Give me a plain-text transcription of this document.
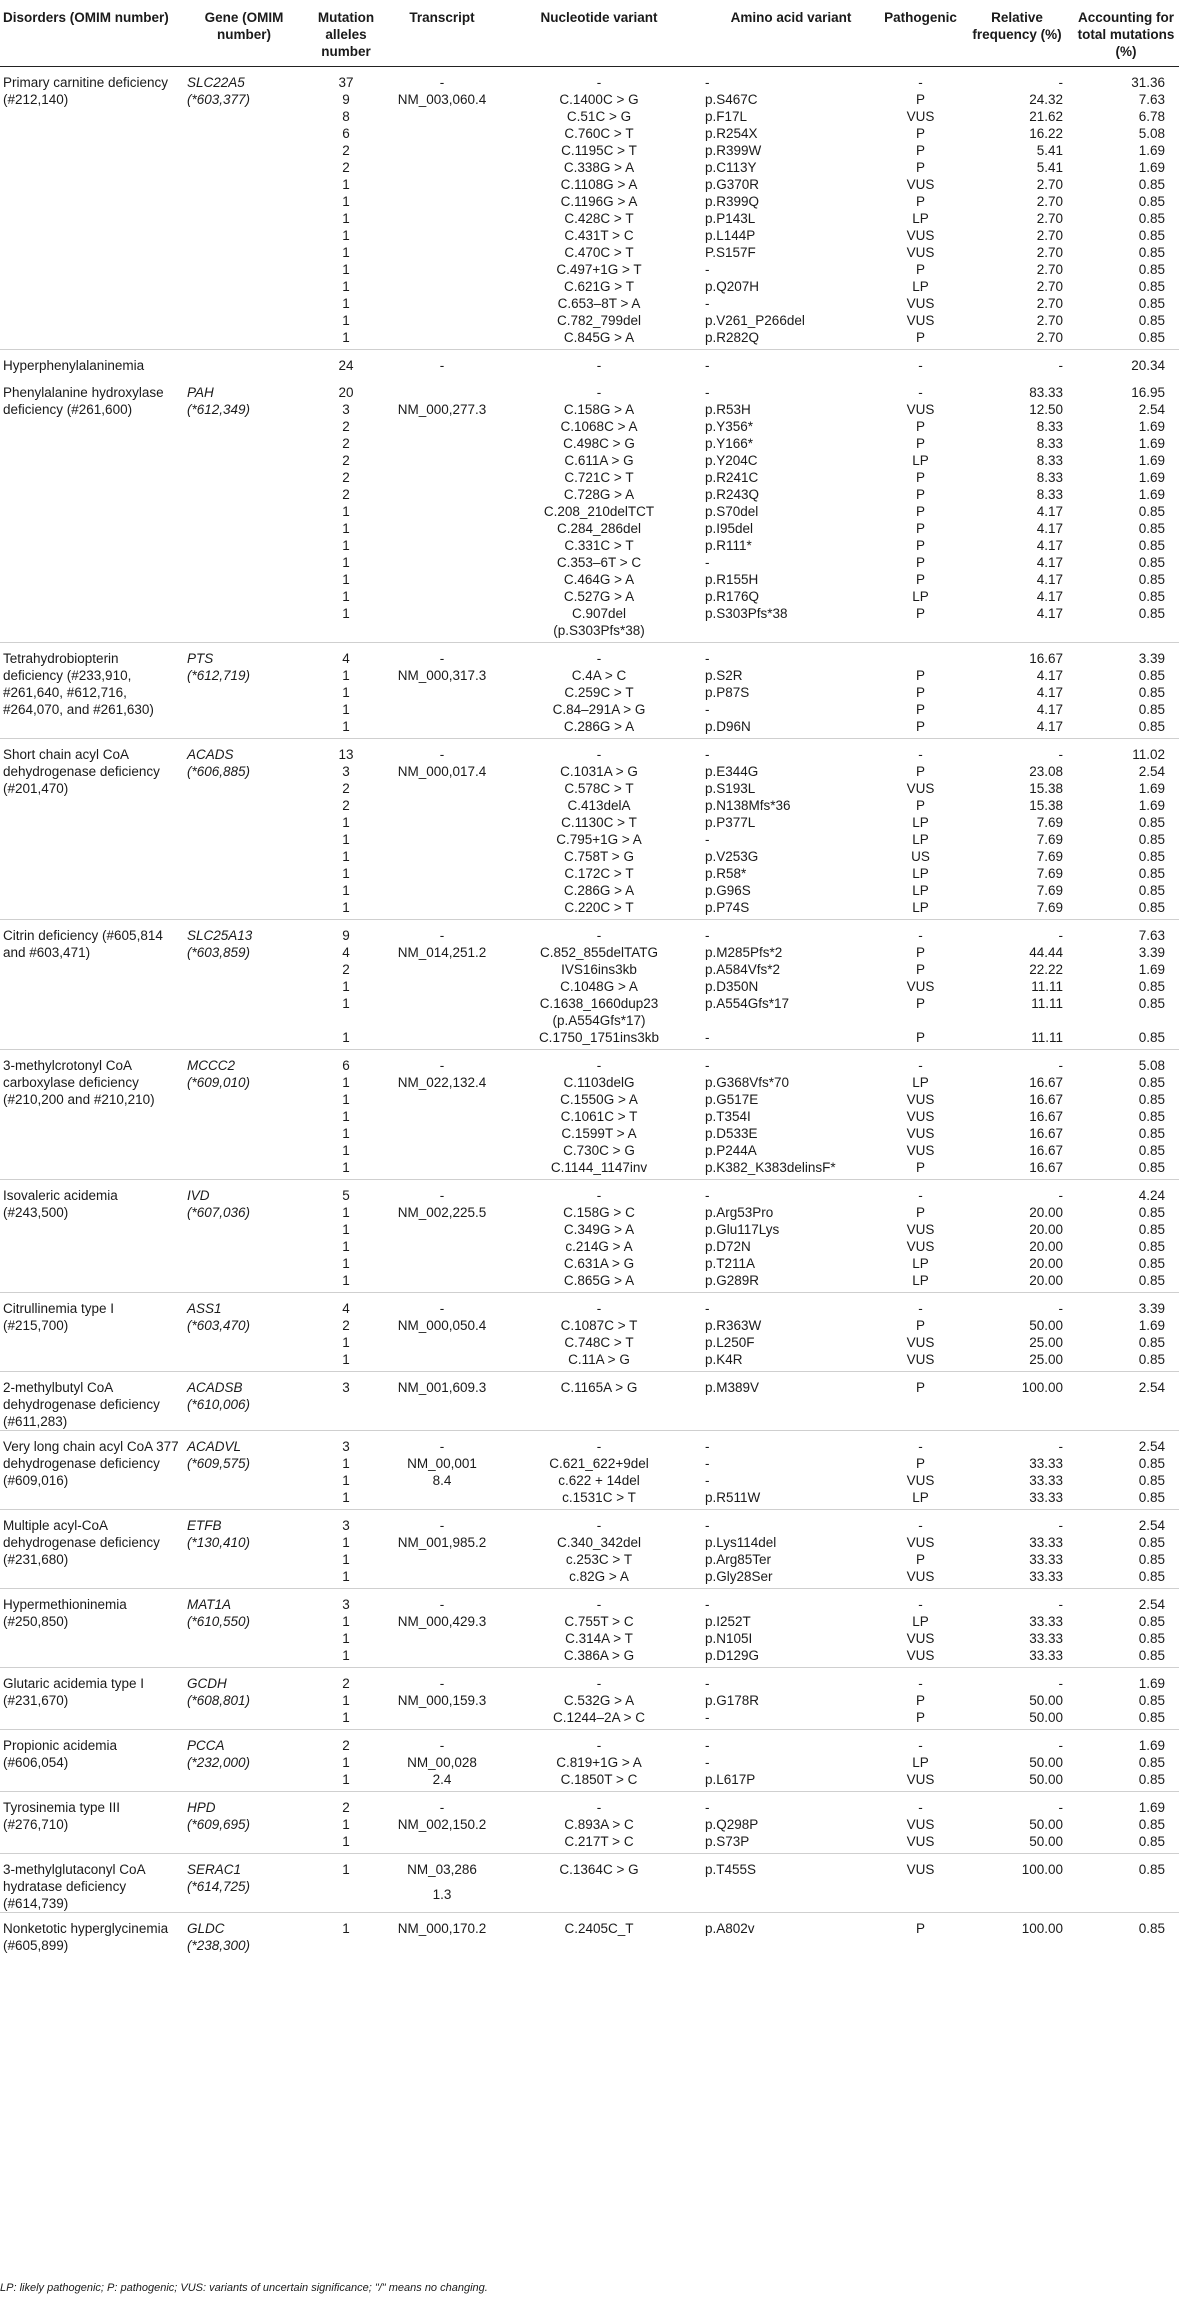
Disorders (OMIM number)	Gene (OMIM number)	Mutation alleles number	Transcript	Nucleotide variant	Amino acid variant	Pathogenic	Relative frequency (%)	Accounting for total mutations (%)
Primary carnitine deficiency (#212,140)	SLC22A5
(*603,377)	37	-	-	-	-	-	31.36
		9	NM_003,060.4	C.1400C > G	p.S467C	P	24.32	7.63
		8		C.51C > G	p.F17L	VUS	21.62	6.78
		6		C.760C > T	p.R254X	P	16.22	5.08
		2		C.1195C > T	p.R399W	P	5.41	1.69
		2		C.338G > A	p.C113Y	P	5.41	1.69
		1		C.1108G > A	p.G370R	VUS	2.70	0.85
		1		C.1196G > A	p.R399Q	P	2.70	0.85
		1		C.428C > T	p.P143L	LP	2.70	0.85
		1		C.431T > C	p.L144P	VUS	2.70	0.85
		1		C.470C > T	P.S157F	VUS	2.70	0.85
		1		C.497+1G > T	-	P	2.70	0.85
		1		C.621G > T	p.Q207H	LP	2.70	0.85
		1		C.653–8T > A	-	VUS	2.70	0.85
		1		C.782_799del	p.V261_P266del	VUS	2.70	0.85
		1		C.845G > A	p.R282Q	P	2.70	0.85
Hyperphenylalaninemia		24	-	-	-	-	-	20.34
Phenylalanine hydroxylase deficiency (#261,600)	PAH
(*612,349)	20		-	-	-	83.33	16.95
		3	NM_000,277.3	C.158G > A	p.R53H	VUS	12.50	2.54
		2		C.1068C > A	p.Y356*	P	8.33	1.69
		2		C.498C > G	p.Y166*	P	8.33	1.69
		2		C.611A > G	p.Y204C	LP	8.33	1.69
		2		C.721C > T	p.R241C	P	8.33	1.69
		2		C.728G > A	p.R243Q	P	8.33	1.69
		1		C.208_210delTCT	p.S70del	P	4.17	0.85
		1		C.284_286del	p.I95del	P	4.17	0.85
		1		C.331C > T	p.R111*	P	4.17	0.85
		1		C.353–6T > C	-	P	4.17	0.85
		1		C.464G > A	p.R155H	P	4.17	0.85
		1		C.527G > A	p.R176Q	LP	4.17	0.85
		1		C.907del	p.S303Pfs*38	P	4.17	0.85
				(p.S303Pfs*38)				
Tetrahydrobiopterin deficiency (#233,910, #261,640, #612,716, #264,070, and #261,630)	PTS
(*612,719)	4	-	-	-		16.67	3.39
		1	NM_000,317.3	C.4A > C	p.S2R	P	4.17	0.85
		1		C.259C > T	p.P87S	P	4.17	0.85
		1		C.84–291A > G	-	P	4.17	0.85
		1		C.286G > A	p.D96N	P	4.17	0.85
Short chain acyl CoA dehydrogenase deficiency (#201,470)	ACADS
(*606,885)	13	-	-	-	-	-	11.02
		3	NM_000,017.4	C.1031A > G	p.E344G	P	23.08	2.54
		2		C.578C > T	p.S193L	VUS	15.38	1.69
		2		C.413delA	p.N138Mfs*36	P	15.38	1.69
		1		C.1130C > T	p.P377L	LP	7.69	0.85
		1		C.795+1G > A	-	LP	7.69	0.85
		1		C.758T > G	p.V253G	US	7.69	0.85
		1		C.172C > T	p.R58*	LP	7.69	0.85
		1		C.286G > A	p.G96S	LP	7.69	0.85
		1		C.220C > T	p.P74S	LP	7.69	0.85
Citrin deficiency (#605,814 and #603,471)	SLC25A13
(*603,859)	9	-	-	-	-	-	7.63
		4	NM_014,251.2	C.852_855delTATG	p.M285Pfs*2	P	44.44	3.39
		2		IVS16ins3kb	p.A584Vfs*2	P	22.22	1.69
		1		C.1048G > A	p.D350N	VUS	11.11	0.85
		1		C.1638_1660dup23	p.A554Gfs*17	P	11.11	0.85
				(p.A554Gfs*17)				
		1		C.1750_1751ins3kb	-	P	11.11	0.85
3-methylcrotonyl CoA carboxylase deficiency (#210,200 and #210,210)	MCCC2
(*609,010)	6	-	-	-	-	-	5.08
		1	NM_022,132.4	C.1103delG	p.G368Vfs*70	LP	16.67	0.85
		1		C.1550G > A	p.G517E	VUS	16.67	0.85
		1		C.1061C > T	p.T354I	VUS	16.67	0.85
		1		C.1599T > A	p.D533E	VUS	16.67	0.85
		1		C.730C > G	p.P244A	VUS	16.67	0.85
		1		C.1144_1147inv	p.K382_K383delinsF*	P	16.67	0.85
Isovaleric acidemia (#243,500)	IVD
(*607,036)	5	-	-	-	-	-	4.24
		1	NM_002,225.5	C.158G > C	p.Arg53Pro	P	20.00	0.85
		1		C.349G > A	p.Glu117Lys	VUS	20.00	0.85
		1		c.214G > A	p.D72N	VUS	20.00	0.85
		1		C.631A > G	p.T211A	LP	20.00	0.85
		1		C.865G > A	p.G289R	LP	20.00	0.85
Citrullinemia type I (#215,700)	ASS1
(*603,470)	4	-	-	-	-	-	3.39
		2	NM_000,050.4	C.1087C > T	p.R363W	P	50.00	1.69
		1		C.748C > T	p.L250F	VUS	25.00	0.85
		1		C.11A > G	p.K4R	VUS	25.00	0.85
2-methylbutyl CoA dehydrogenase deficiency (#611,283)	ACADSB
(*610,006)	3	NM_001,609.3	C.1165A > G	p.M389V	P	100.00	2.54

Very long chain acyl CoA 377 dehydrogenase deficiency (#609,016)	ACADVL
(*609,575)	3	-	-	-	-	-	2.54
		1	NM_00,001	C.621_622+9del	-	P	33.33	0.85
		1	8.4	c.622 + 14del	-	VUS	33.33	0.85
		1		c.1531C > T	p.R511W	LP	33.33	0.85
Multiple acyl-CoA dehydrogenase deficiency (#231,680)	ETFB
(*130,410)	3	-	-	-	-	-	2.54
		1	NM_001,985.2	C.340_342del	p.Lys114del	VUS	33.33	0.85
		1		c.253C > T	p.Arg85Ter	P	33.33	0.85
		1		c.82G > A	p.Gly28Ser	VUS	33.33	0.85
Hypermethioninemia (#250,850)	MAT1A
(*610,550)	3	-	-	-	-	-	2.54
		1	NM_000,429.3	C.755T > C	p.I252T	LP	33.33	0.85
		1		C.314A > T	p.N105I	VUS	33.33	0.85
		1		C.386A > G	p.D129G	VUS	33.33	0.85
Glutaric acidemia type I (#231,670)	GCDH
(*608,801)	2	-	-	-	-	-	1.69
		1	NM_000,159.3	C.532G > A	p.G178R	P	50.00	0.85
		1		C.1244–2A > C	-	P	50.00	0.85
Propionic acidemia (#606,054)	PCCA
(*232,000)	2	-	-	-	-	-	1.69
		1	NM_00,028	C.819+1G > A	-	LP	50.00	0.85
		1	2.4	C.1850T > C	p.L617P	VUS	50.00	0.85
Tyrosinemia type III (#276,710)	HPD
(*609,695)	2	-	-	-	-	-	1.69
		1	NM_002,150.2	C.893A > C	p.Q298P	VUS	50.00	0.85
		1		C.217T > C	p.S73P	VUS	50.00	0.85
3-methylglutaconyl CoA hydratase deficiency (#614,739)	SERAC1
(*614,725)	1	NM_03,286	C.1364C > G	p.T455S	VUS	100.00	0.85
			1.3					
Nonketotic hyperglycinemia (#605,899)	GLDC
(*238,300)	1	NM_000,170.2	C.2405C_T	p.A802v	P	100.00	0.85
LP: likely pathogenic; P: pathogenic; VUS: variants of uncertain significance; "/" means no changing.
